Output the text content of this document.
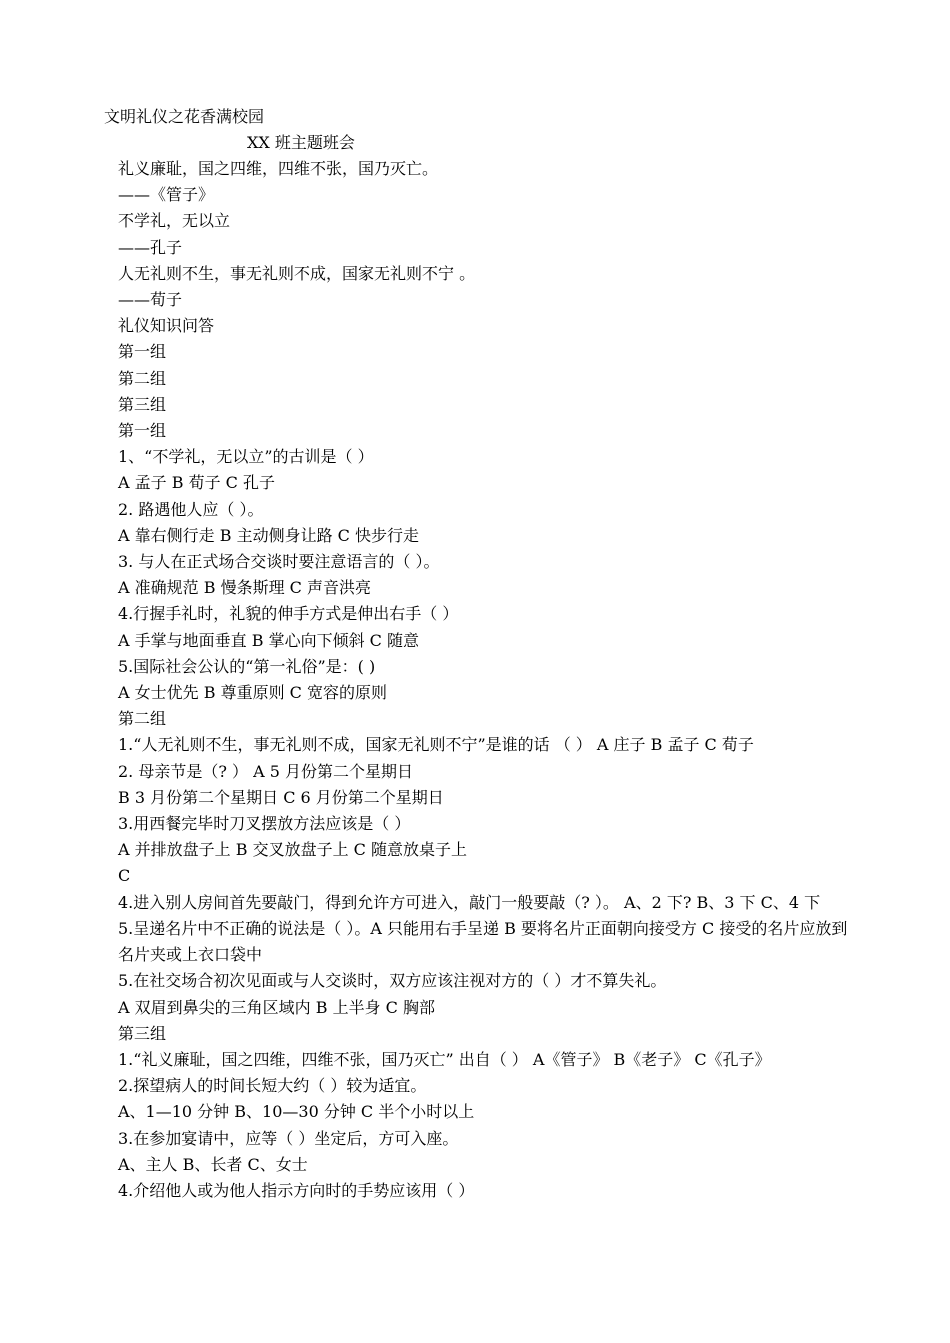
文明礼仪之花香满校园
XX 班主题班会

礼义廉耻，国之四维，四维不张，国乃灭亡。

——《管子》

不学礼，无以立

——孔子

人无礼则不生，事无礼则不成，国家无礼则不宁 。

——荀子

礼仪知识问答

第一组

第二组

第三组

第一组

1、“不学礼，无以立”的古训是（ ）

A 孟子 B 荀子 C 孔子

2. 路遇他人应（ ）。

A 靠右侧行走 B 主动侧身让路 C 快步行走

3. 与人在正式场合交谈时要注意语言的（ ）。

A 准确规范 B 慢条斯理 C 声音洪亮

4.行握手礼时，礼貌的伸手方式是伸出右手（ ）

A 手掌与地面垂直 B 掌心向下倾斜 C 随意

5.国际社会公认的“第一礼俗”是：( )

A 女士优先 B 尊重原则 C 宽容的原则

第二组

1.“人无礼则不生，事无礼则不成，国家无礼则不宁”是谁的话 （ ） A 庄子 B 孟子 C 荀子

2. 母亲节是（? ） A 5 月份第二个星期日

B 3 月份第二个星期日 C 6 月份第二个星期日

3.用西餐完毕时刀叉摆放方法应该是（ ）

A 并排放盘子上 B 交叉放盘子上 C 随意放桌子上

C

4.进入别人房间首先要敲门，得到允许方可进入，敲门一般要敲（? ）。 A、2 下? B、3 下 C、4 下

5.呈递名片中不正确的说法是（ ）。A 只能用右手呈递 B 要将名片正面朝向接受方 C 接受的名片应放到名片夹或上衣口袋中

5.在社交场合初次见面或与人交谈时，双方应该注视对方的（ ）才不算失礼。

A 双眉到鼻尖的三角区域内 B 上半身 C 胸部

第三组

1.“礼义廉耻，国之四维，四维不张，国乃灭亡” 出自（ ） A《管子》 B《老子》 C《孔子》

2.探望病人的时间长短大约（ ）较为适宜。

A、1—10 分钟 B、10—30 分钟 C 半个小时以上

3.在参加宴请中，应等（ ）坐定后，方可入座。

A、主人 B、长者 C、女士

4.介绍他人或为他人指示方向时的手势应该用（ ）
